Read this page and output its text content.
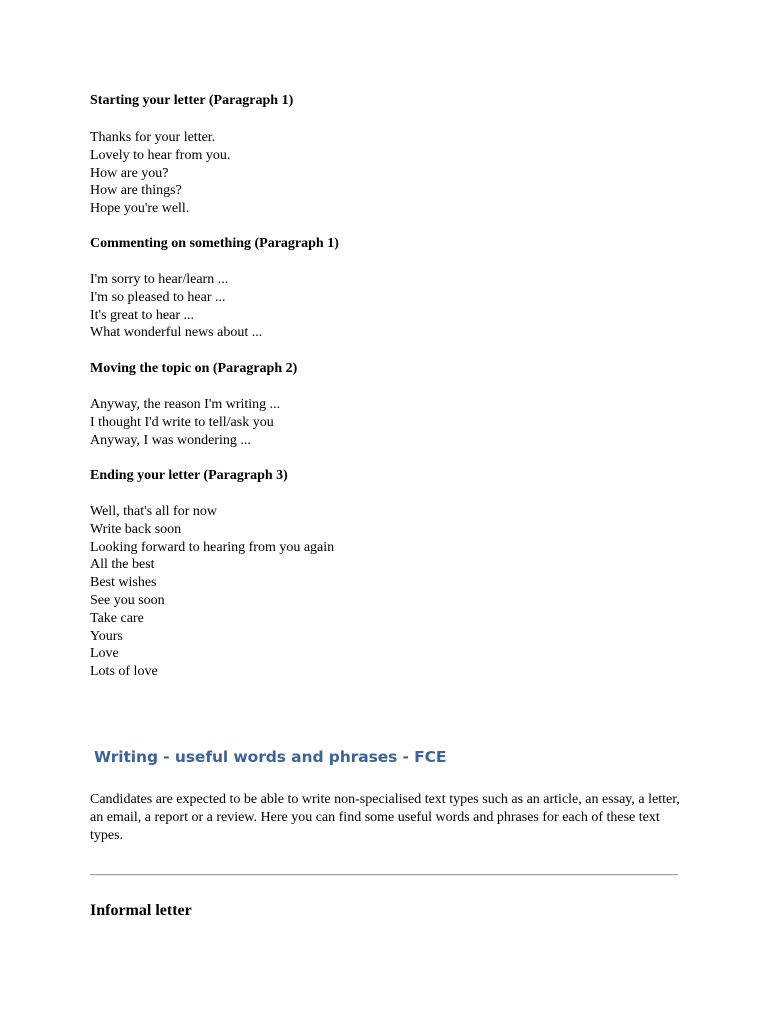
Starting your letter (Paragraph 1)
Thanks for your letter.
Lovely to hear from you.
How are you?
How are things?
Hope you're well.
Commenting on something (Paragraph 1)
I'm sorry to hear/learn ...
I'm so pleased to hear ...
It's great to hear ...
What wonderful news about ...
Moving the topic on (Paragraph 2)
Anyway, the reason I'm writing ...
I thought I'd write to tell/ask you
Anyway, I was wondering ...
Ending your letter (Paragraph 3)
Well, that's all for now
Write back soon
Looking forward to hearing from you again
All the best
Best wishes
See you soon
Take care
Yours
Love
Lots of love
Writing - useful words and phrases - FCE

Candidates are expected to be able to write non-specialised text types such as an article, an essay, a letter, an email, a report or a review. Here you can find some useful words and phrases for each of these text types.

Informal letter
